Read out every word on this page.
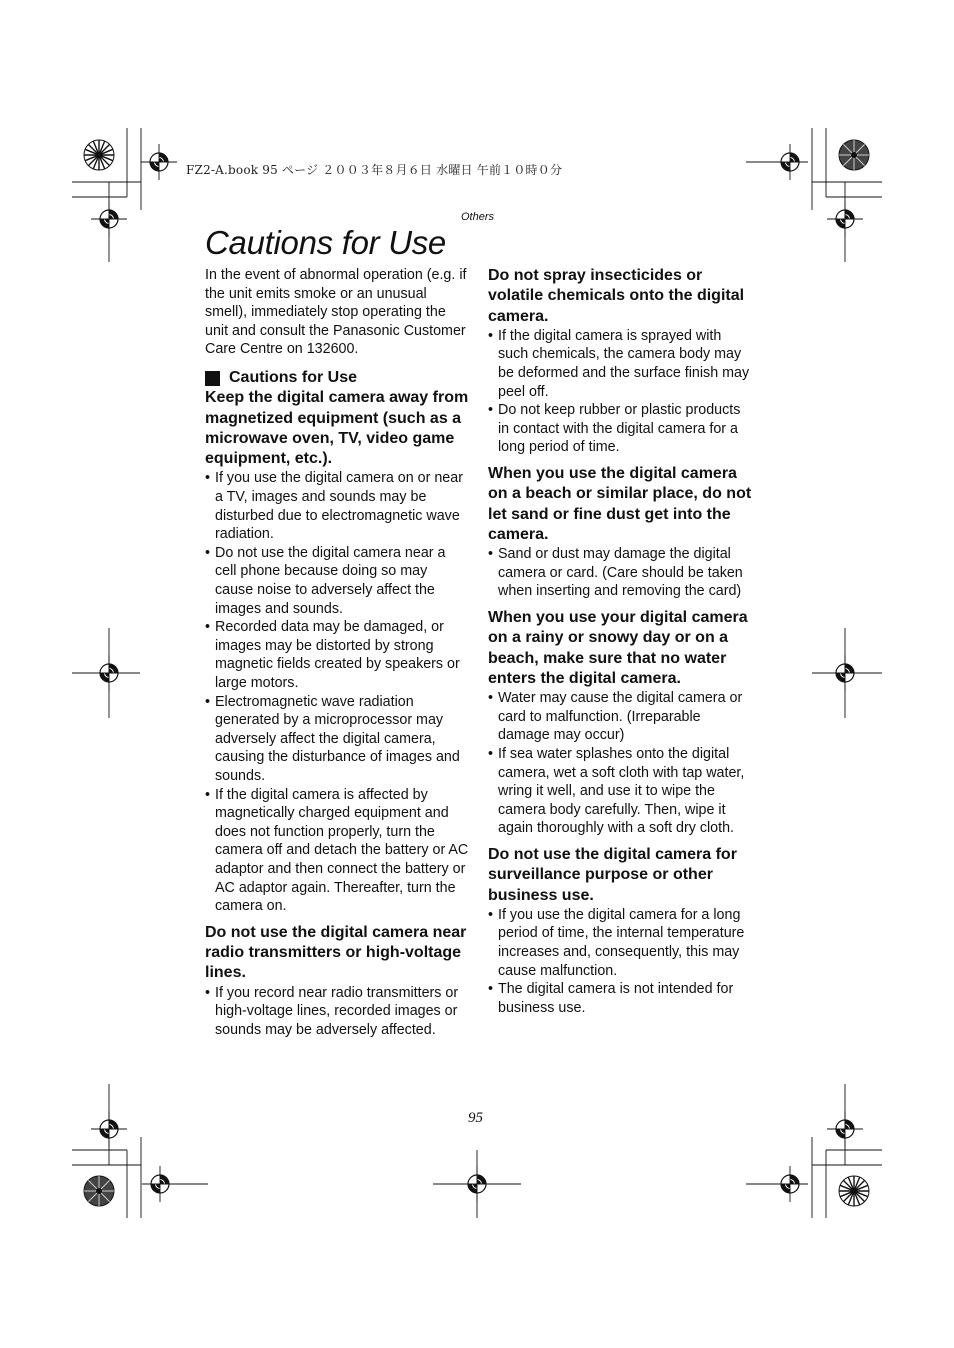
FZ2-A.book 95 ページ ２００３年８月６日 水曜日 午前１０時０分
Others
Cautions for Use

In the event of abnormal operation (e.g. if the unit emits smoke or an unusual smell), immediately stop operating the unit and consult the Panasonic Customer Care Centre on 132600.

Cautions for Use
Keep the digital camera away from magnetized equipment (such as a microwave oven, TV, video game equipment, etc.).
• If you use the digital camera on or near a TV, images and sounds may be disturbed due to electromagnetic wave radiation.
• Do not use the digital camera near a cell phone because doing so may cause noise to adversely affect the images and sounds.
• Recorded data may be damaged, or images may be distorted by strong magnetic fields created by speakers or large motors.
• Electromagnetic wave radiation generated by a microprocessor may adversely affect the digital camera, causing the disturbance of images and sounds.
• If the digital camera is affected by magnetically charged equipment and does not function properly, turn the camera off and detach the battery or AC adaptor and then connect the battery or AC adaptor again. Thereafter, turn the camera on.
Do not use the digital camera near radio transmitters or high-voltage lines.
• If you record near radio transmitters or high-voltage lines, recorded images or sounds may be adversely affected.
Do not spray insecticides or volatile chemicals onto the digital camera.
• If the digital camera is sprayed with such chemicals, the camera body may be deformed and the surface finish may peel off.
• Do not keep rubber or plastic products in contact with the digital camera for a long period of time.
When you use the digital camera on a beach or similar place, do not let sand or fine dust get into the camera.
• Sand or dust may damage the digital camera or card. (Care should be taken when inserting and removing the card)
When you use your digital camera on a rainy or snowy day or on a beach, make sure that no water enters the digital camera.
• Water may cause the digital camera or card to malfunction. (Irreparable damage may occur)
• If sea water splashes onto the digital camera, wet a soft cloth with tap water, wring it well, and use it to wipe the camera body carefully. Then, wipe it again thoroughly with a soft dry cloth.
Do not use the digital camera for surveillance purpose or other business use.
• If you use the digital camera for a long period of time, the internal temperature increases and, consequently, this may cause malfunction.
• The digital camera is not intended for business use.
95
